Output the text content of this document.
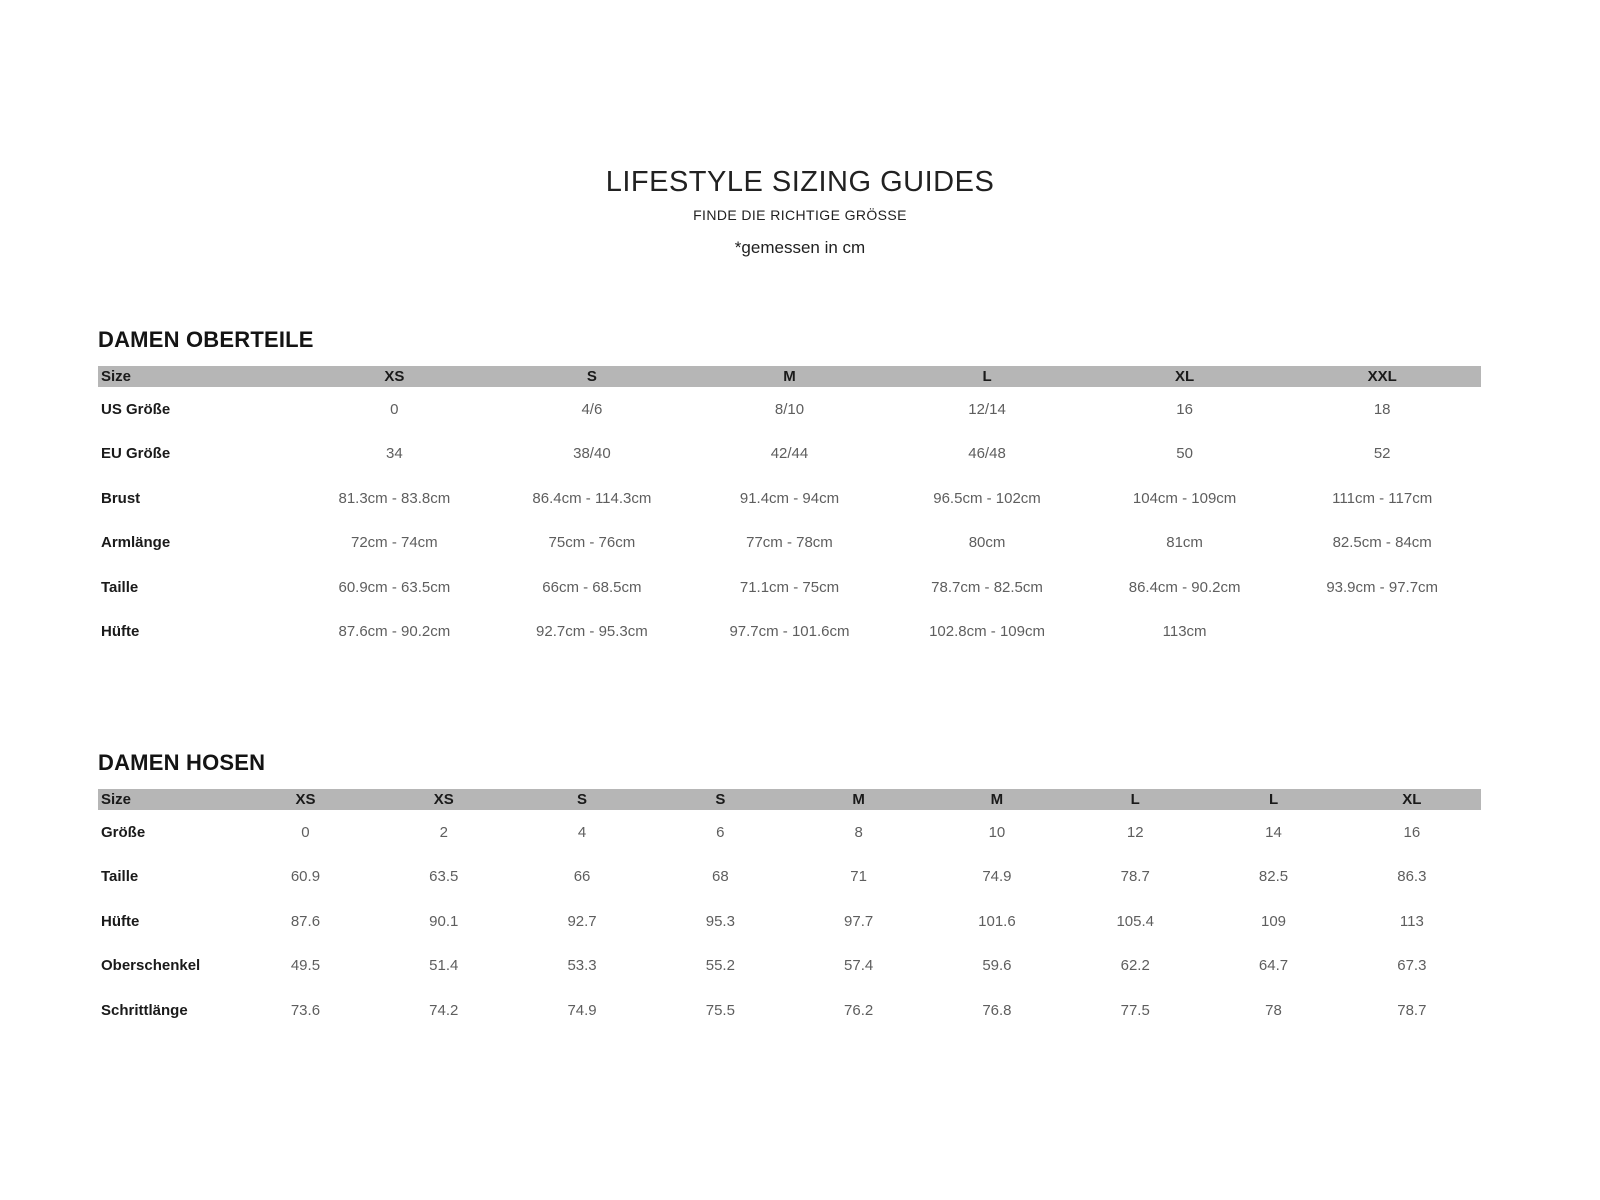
LIFESTYLE SIZING GUIDES
FINDE DIE RICHTIGE GRÖSSE
*gemessen in cm
DAMEN OBERTEILE
Size	XS	S	M	L	XL	XXL
US Größe	0	4/6	8/10	12/14	16	18
EU Größe	34	38/40	42/44	46/48	50	52
Brust	81.3cm - 83.8cm	86.4cm - 114.3cm	91.4cm - 94cm	96.5cm - 102cm	104cm - 109cm	111cm - 117cm
Armlänge	72cm - 74cm	75cm - 76cm	77cm - 78cm	80cm	81cm	82.5cm - 84cm
Taille	60.9cm - 63.5cm	66cm - 68.5cm	71.1cm - 75cm	78.7cm - 82.5cm	86.4cm - 90.2cm	93.9cm - 97.7cm
Hüfte	87.6cm - 90.2cm	92.7cm - 95.3cm	97.7cm - 101.6cm	102.8cm - 109cm	113cm	
DAMEN HOSEN
Size	XS	XS	S	S	M	M	L	L	XL
Größe	0	2	4	6	8	10	12	14	16
Taille	60.9	63.5	66	68	71	74.9	78.7	82.5	86.3
Hüfte	87.6	90.1	92.7	95.3	97.7	101.6	105.4	109	113
Oberschenkel	49.5	51.4	53.3	55.2	57.4	59.6	62.2	64.7	67.3
Schrittlänge	73.6	74.2	74.9	75.5	76.2	76.8	77.5	78	78.7
